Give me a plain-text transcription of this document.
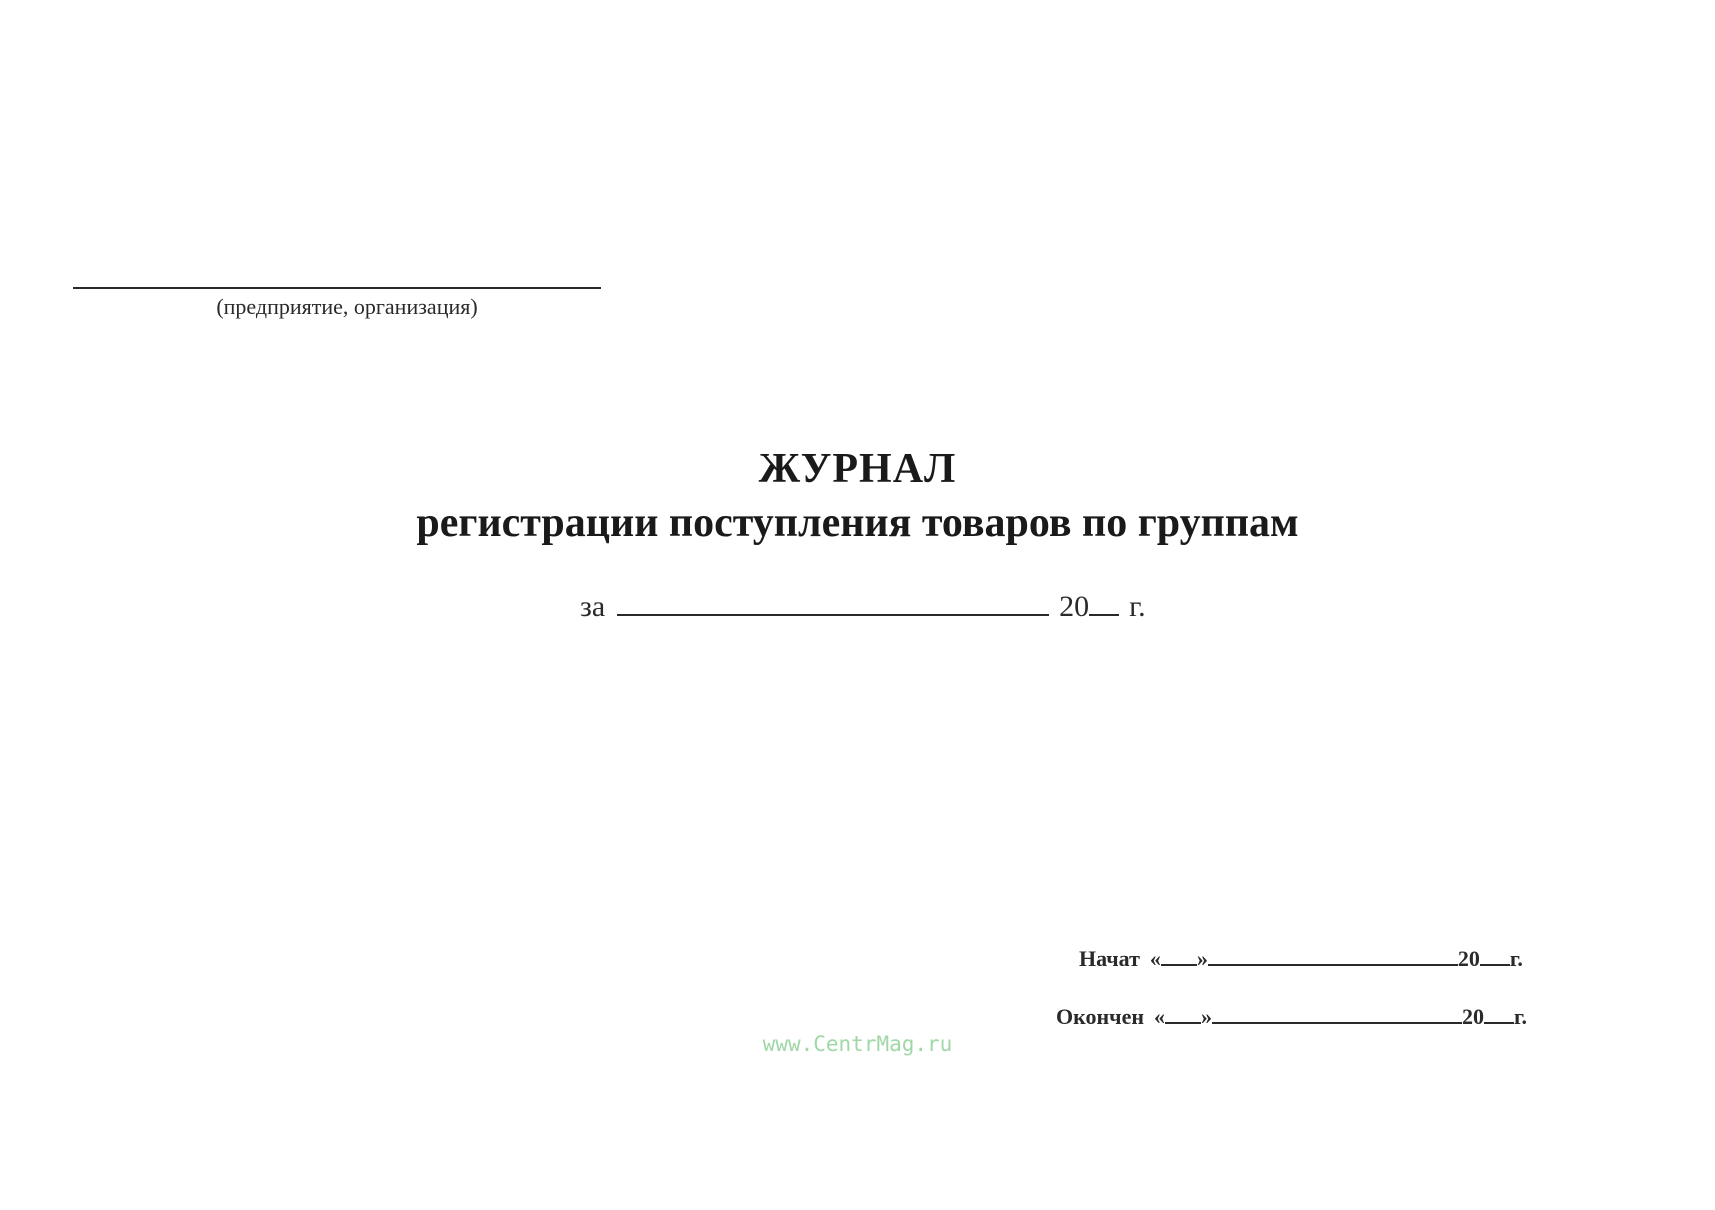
(предприятие, организация)
ЖУРНАЛ
регистрации поступления товаров по группам
за	20 г.
Начат « »	20 г.
Окончен « »	20 г.
www.CentrMag.ru
